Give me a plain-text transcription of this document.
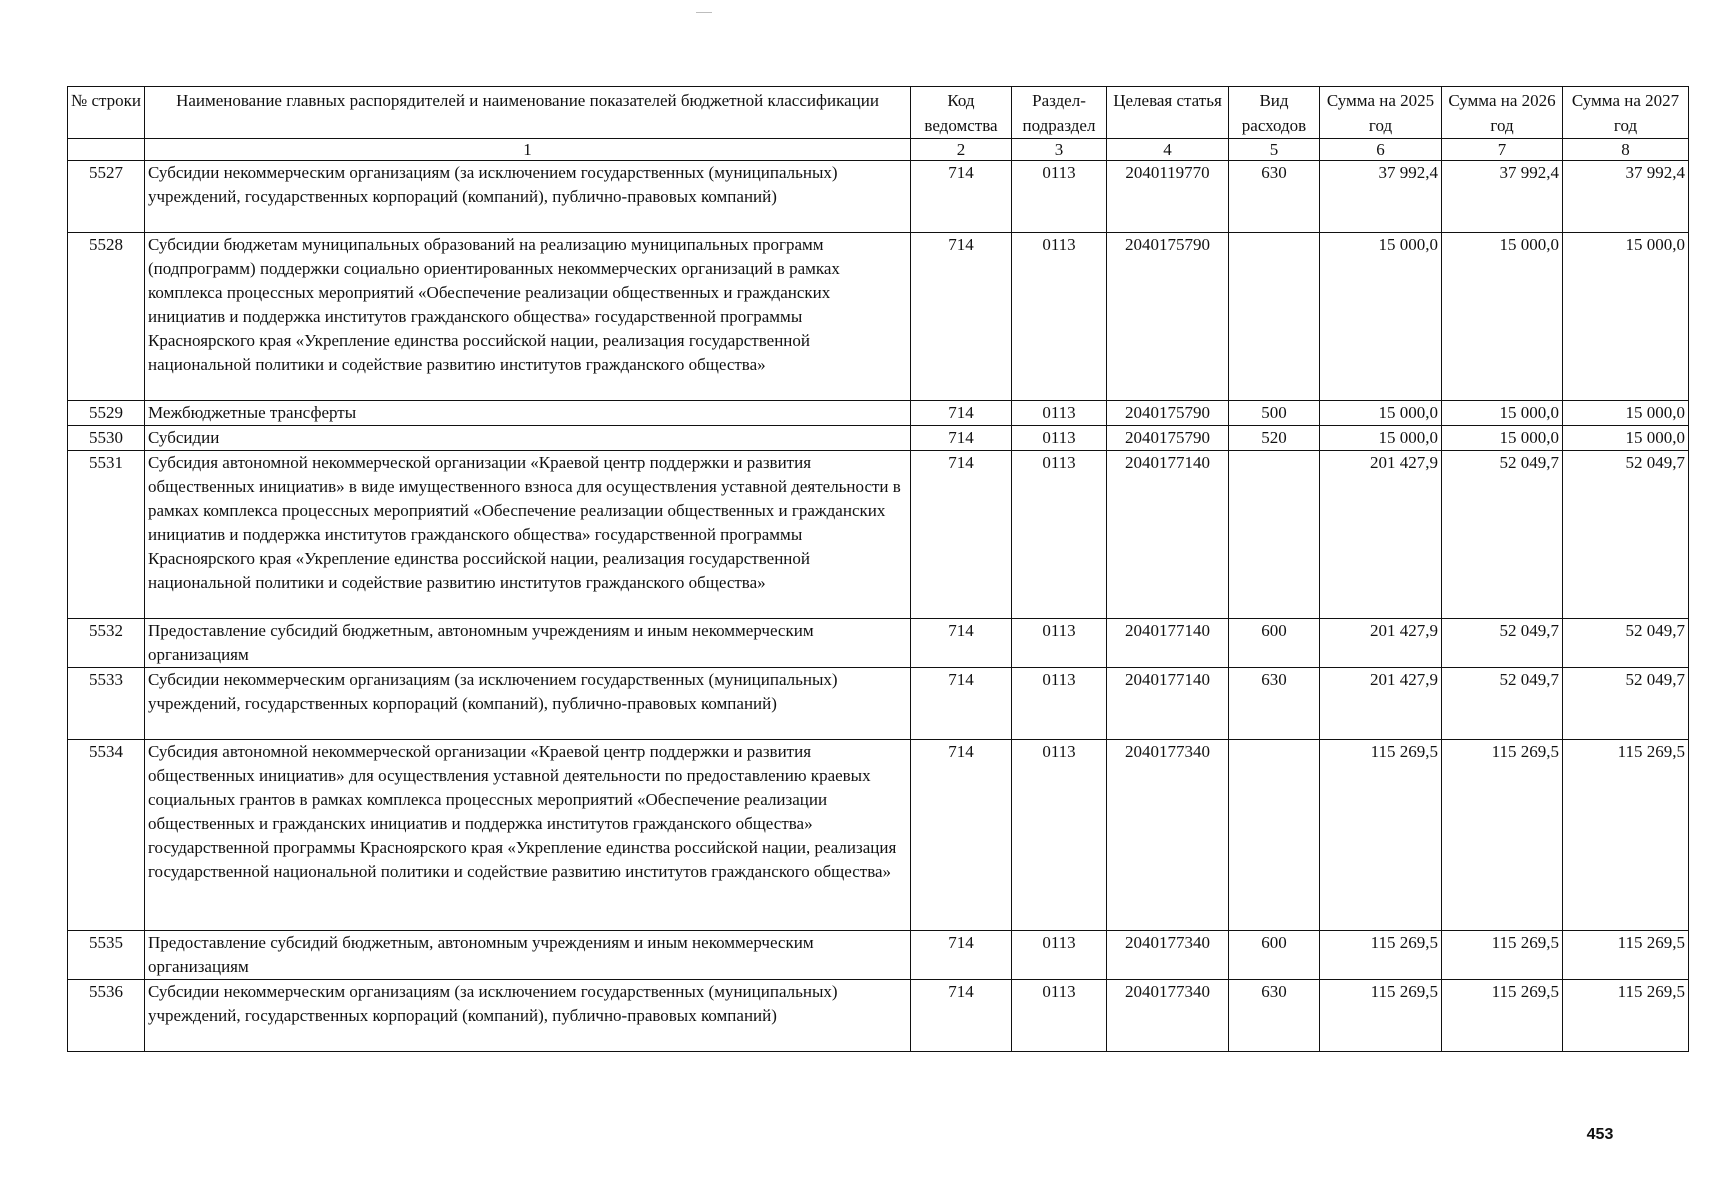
№ строки	Наименование главных распорядителей и наименование показателей бюджетной классификации	Код ведомства	Раздел-подраздел	Целевая статья	Вид расходов	Сумма на 2025 год	Сумма на 2026 год	Сумма на 2027 год
	1	2	3	4	5	6	7	8
5527	Субсидии некоммерческим организациям (за исключением государственных (муниципальных) учреждений, государственных корпораций (компаний), публично-правовых компаний)	714	0113	2040119770	630	37 992,4	37 992,4	37 992,4
5528	Субсидии бюджетам муниципальных образований на реализацию муниципальных программ (подпрограмм) поддержки социально ориентированных некоммерческих организаций в рамках комплекса процессных мероприятий «Обеспечение реализации общественных и гражданских инициатив и поддержка институтов гражданского общества» государственной программы Красноярского края «Укрепление единства российской нации, реализация государственной национальной политики и содействие развитию институтов гражданского общества»	714	0113	2040175790		15 000,0	15 000,0	15 000,0
5529	Межбюджетные трансферты	714	0113	2040175790	500	15 000,0	15 000,0	15 000,0
5530	Субсидии	714	0113	2040175790	520	15 000,0	15 000,0	15 000,0
5531	Субсидия автономной некоммерческой организации «Краевой центр поддержки и развития общественных инициатив» в виде имущественного взноса для осуществления уставной деятельности в рамках комплекса процессных мероприятий «Обеспечение реализации общественных и гражданских инициатив и поддержка институтов гражданского общества» государственной программы Красноярского края «Укрепление единства российской нации, реализация государственной национальной политики и содействие развитию институтов гражданского общества»	714	0113	2040177140		201 427,9	52 049,7	52 049,7
5532	Предоставление субсидий бюджетным, автономным учреждениям и иным некоммерческим организациям	714	0113	2040177140	600	201 427,9	52 049,7	52 049,7
5533	Субсидии некоммерческим организациям (за исключением государственных (муниципальных) учреждений, государственных корпораций (компаний), публично-правовых компаний)	714	0113	2040177140	630	201 427,9	52 049,7	52 049,7
5534	Субсидия автономной некоммерческой организации «Краевой центр поддержки и развития общественных инициатив» для осуществления уставной деятельности по предоставлению краевых социальных грантов в рамках комплекса процессных мероприятий «Обеспечение реализации общественных и гражданских инициатив и поддержка институтов гражданского общества» государственной программы Красноярского края «Укрепление единства российской нации, реализация государственной национальной политики и содействие развитию институтов гражданского общества»	714	0113	2040177340		115 269,5	115 269,5	115 269,5
5535	Предоставление субсидий бюджетным, автономным учреждениям и иным некоммерческим организациям	714	0113	2040177340	600	115 269,5	115 269,5	115 269,5
5536	Субсидии некоммерческим организациям (за исключением государственных (муниципальных) учреждений, государственных корпораций (компаний), публично-правовых компаний)	714	0113	2040177340	630	115 269,5	115 269,5	115 269,5
453
